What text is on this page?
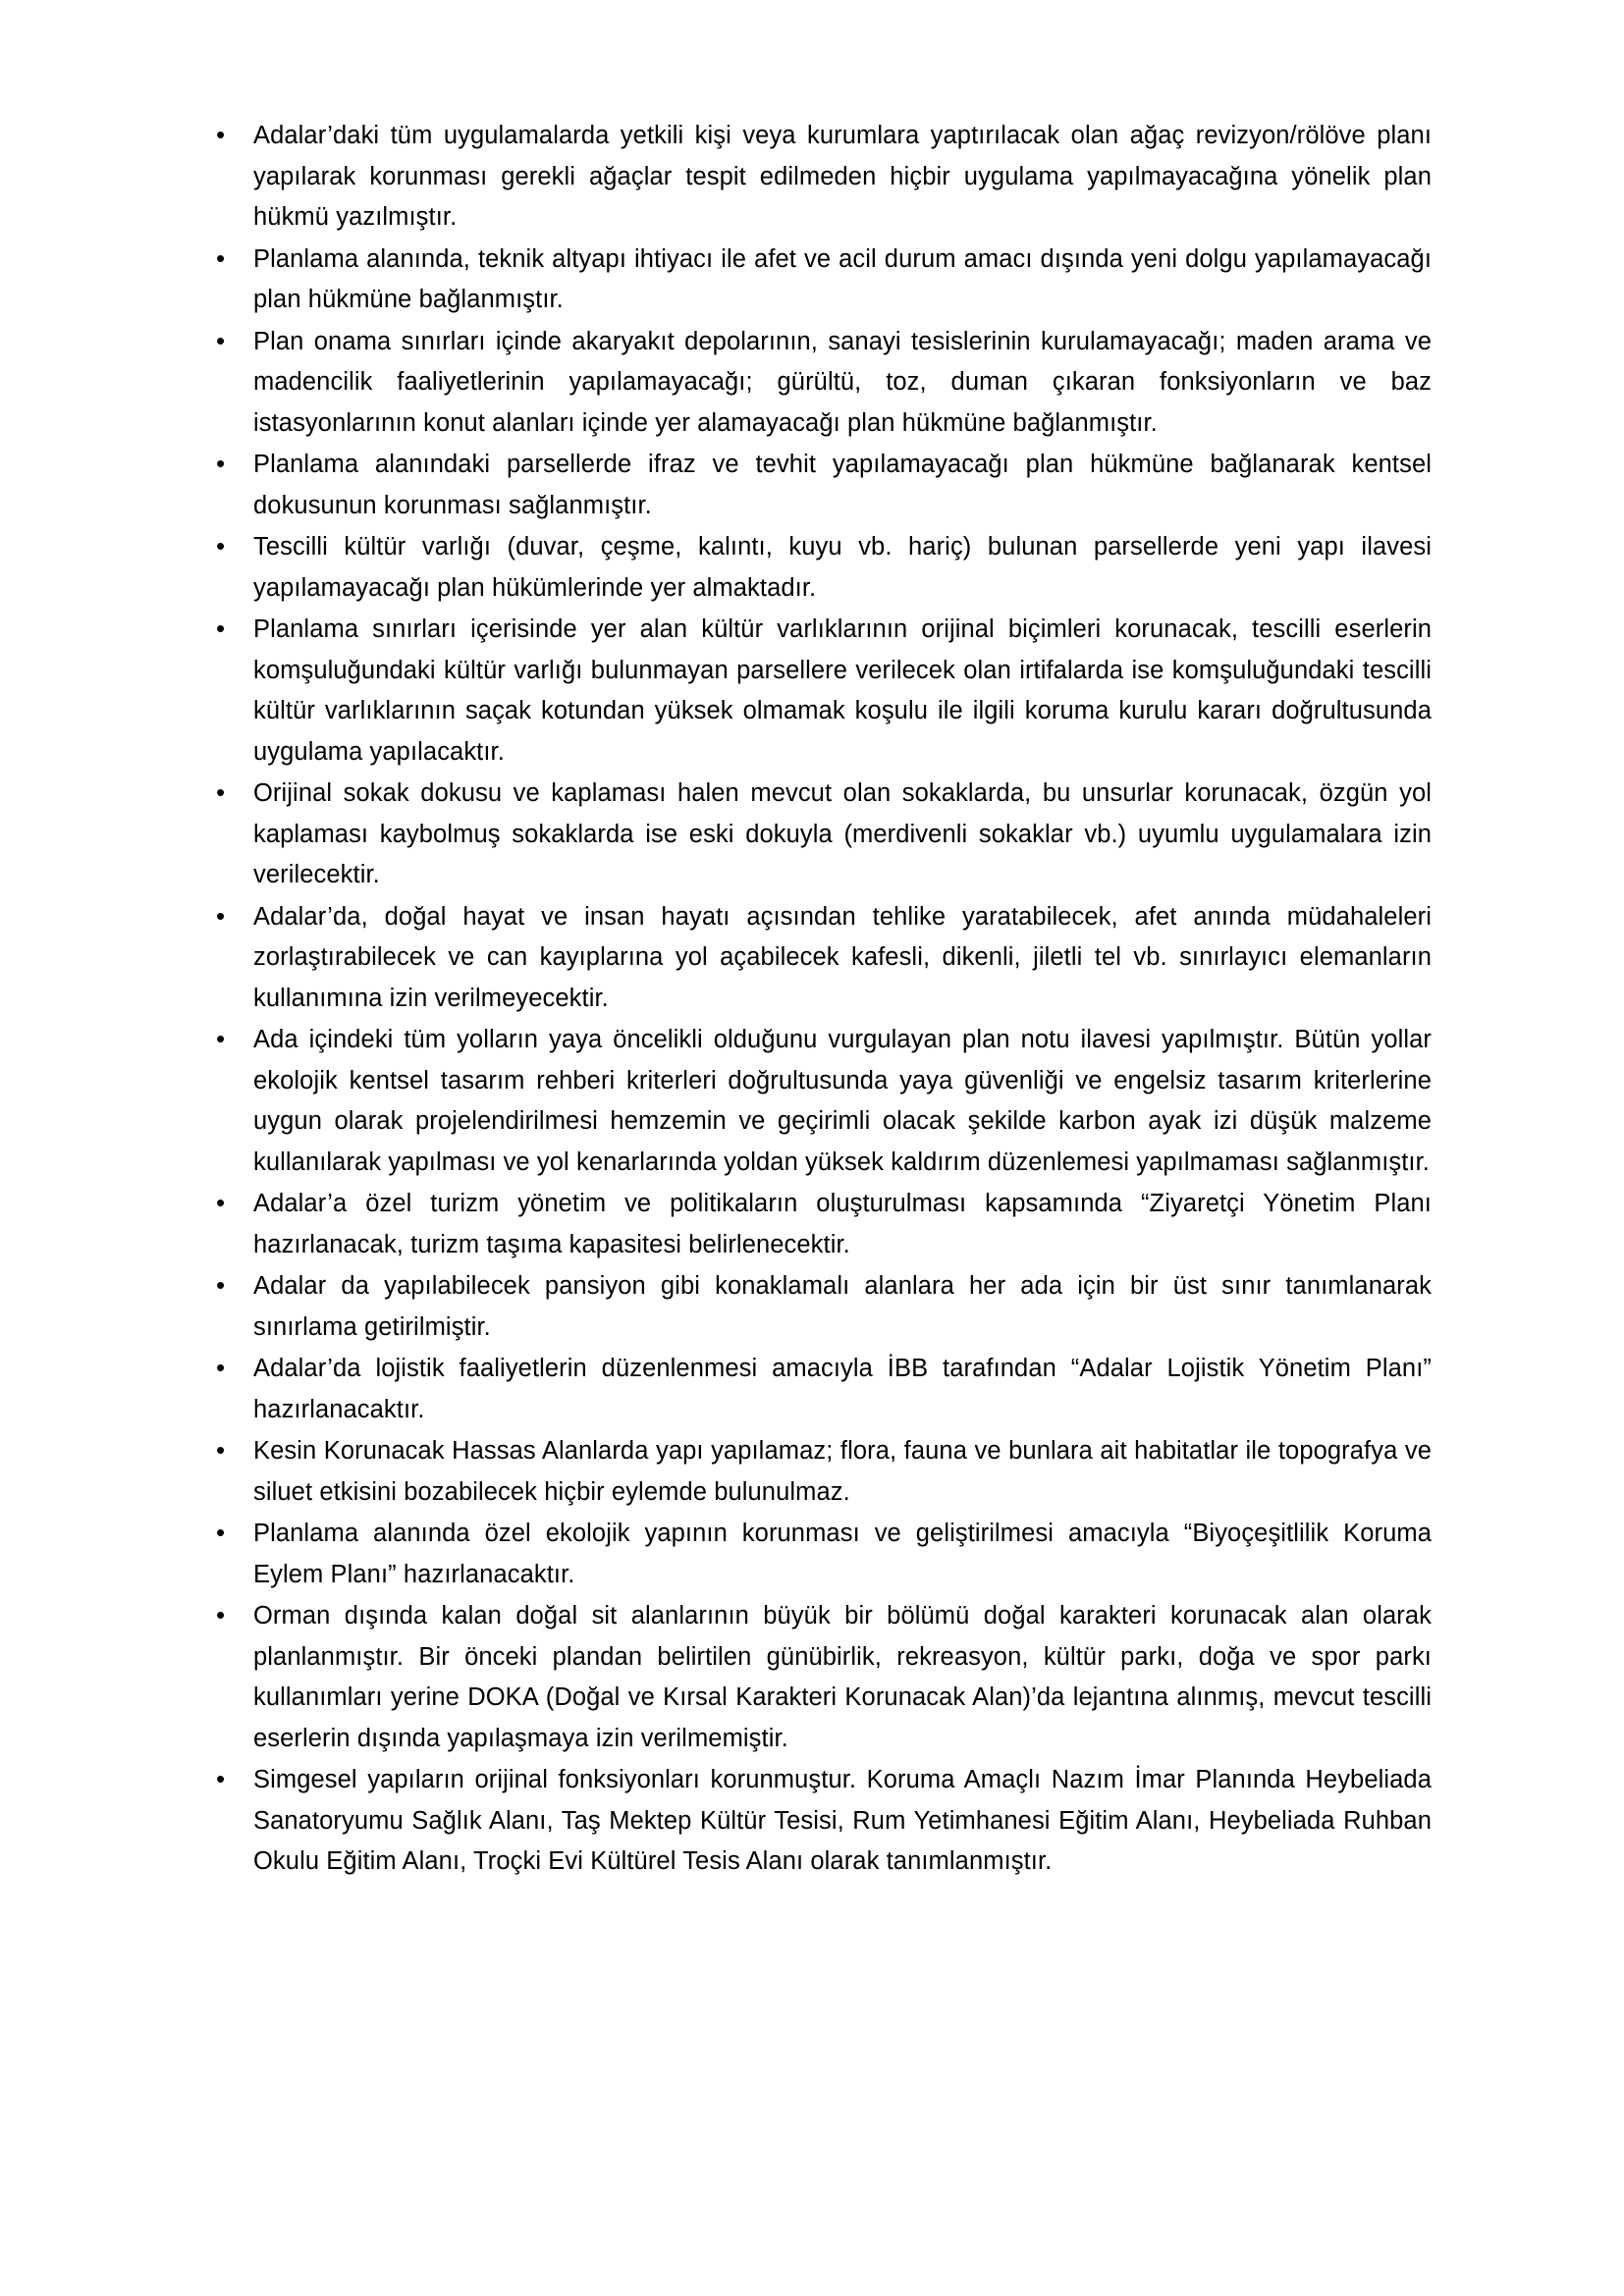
• Adalar’daki tüm uygulamalarda yetkili kişi veya kurumlara yaptırılacak olan ağaç revizyon/rölöve planı yapılarak korunması gerekli ağaçlar tespit edilmeden hiçbir uygulama yapılmayacağına yönelik plan hükmü yazılmıştır.
• Planlama alanında, teknik altyapı ihtiyacı ile afet ve acil durum amacı dışında yeni dolgu yapılamayacağı plan hükmüne bağlanmıştır.
• Plan onama sınırları içinde akaryakıt depolarının, sanayi tesislerinin kurulamayacağı; maden arama ve madencilik faaliyetlerinin yapılamayacağı; gürültü, toz, duman çıkaran fonksiyonların ve baz istasyonlarının konut alanları içinde yer alamayacağı plan hükmüne bağlanmıştır.
• Planlama alanındaki parsellerde ifraz ve tevhit yapılamayacağı plan hükmüne bağlanarak kentsel dokusunun korunması sağlanmıştır.
• Tescilli kültür varlığı (duvar, çeşme, kalıntı, kuyu vb. hariç) bulunan parsellerde yeni yapı ilavesi yapılamayacağı plan hükümlerinde yer almaktadır.
• Planlama sınırları içerisinde yer alan kültür varlıklarının orijinal biçimleri korunacak, tescilli eserlerin komşuluğundaki kültür varlığı bulunmayan parsellere verilecek olan irtifalarda ise komşuluğundaki tescilli kültür varlıklarının saçak kotundan yüksek olmamak koşulu ile ilgili koruma kurulu kararı doğrultusunda uygulama yapılacaktır.
• Orijinal sokak dokusu ve kaplaması halen mevcut olan sokaklarda, bu unsurlar korunacak, özgün yol kaplaması kaybolmuş sokaklarda ise eski dokuyla (merdivenli sokaklar vb.) uyumlu uygulamalara izin verilecektir.
• Adalar’da, doğal hayat ve insan hayatı açısından tehlike yaratabilecek, afet anında müdahaleleri zorlaştırabilecek ve can kayıplarına yol açabilecek kafesli, dikenli, jiletli tel vb. sınırlayıcı elemanların kullanımına izin verilmeyecektir.
• Ada içindeki tüm yolların yaya öncelikli olduğunu vurgulayan plan notu ilavesi yapılmıştır. Bütün yollar ekolojik kentsel tasarım rehberi kriterleri doğrultusunda yaya güvenliği ve engelsiz tasarım kriterlerine uygun olarak projelendirilmesi hemzemin ve geçirimli olacak şekilde karbon ayak izi düşük malzeme kullanılarak yapılması ve yol kenarlarında yoldan yüksek kaldırım düzenlemesi yapılmaması sağlanmıştır.
• Adalar’a özel turizm yönetim ve politikaların oluşturulması kapsamında “Ziyaretçi Yönetim Planı hazırlanacak, turizm taşıma kapasitesi belirlenecektir.
• Adalar da yapılabilecek pansiyon gibi konaklamalı alanlara her ada için bir üst sınır tanımlanarak sınırlama getirilmiştir.
• Adalar’da lojistik faaliyetlerin düzenlenmesi amacıyla İBB tarafından “Adalar Lojistik Yönetim Planı” hazırlanacaktır.
• Kesin Korunacak Hassas Alanlarda yapı yapılamaz; flora, fauna ve bunlara ait habitatlar ile topografya ve siluet etkisini bozabilecek hiçbir eylemde bulunulmaz.
• Planlama alanında özel ekolojik yapının korunması ve geliştirilmesi amacıyla “Biyoçeşitlilik Koruma Eylem Planı” hazırlanacaktır.
• Orman dışında kalan doğal sit alanlarının büyük bir bölümü doğal karakteri korunacak alan olarak planlanmıştır. Bir önceki plandan belirtilen günübirlik, rekreasyon, kültür parkı, doğa ve spor parkı kullanımları yerine DOKA (Doğal ve Kırsal Karakteri Korunacak Alan)’da lejantına alınmış, mevcut tescilli eserlerin dışında yapılaşmaya izin verilmemiştir.
• Simgesel yapıların orijinal fonksiyonları korunmuştur. Koruma Amaçlı Nazım İmar Planında Heybeliada Sanatoryumu Sağlık Alanı, Taş Mektep Kültür Tesisi, Rum Yetimhanesi Eğitim Alanı, Heybeliada Ruhban Okulu Eğitim Alanı, Troçki Evi Kültürel Tesis Alanı olarak tanımlanmıştır.
